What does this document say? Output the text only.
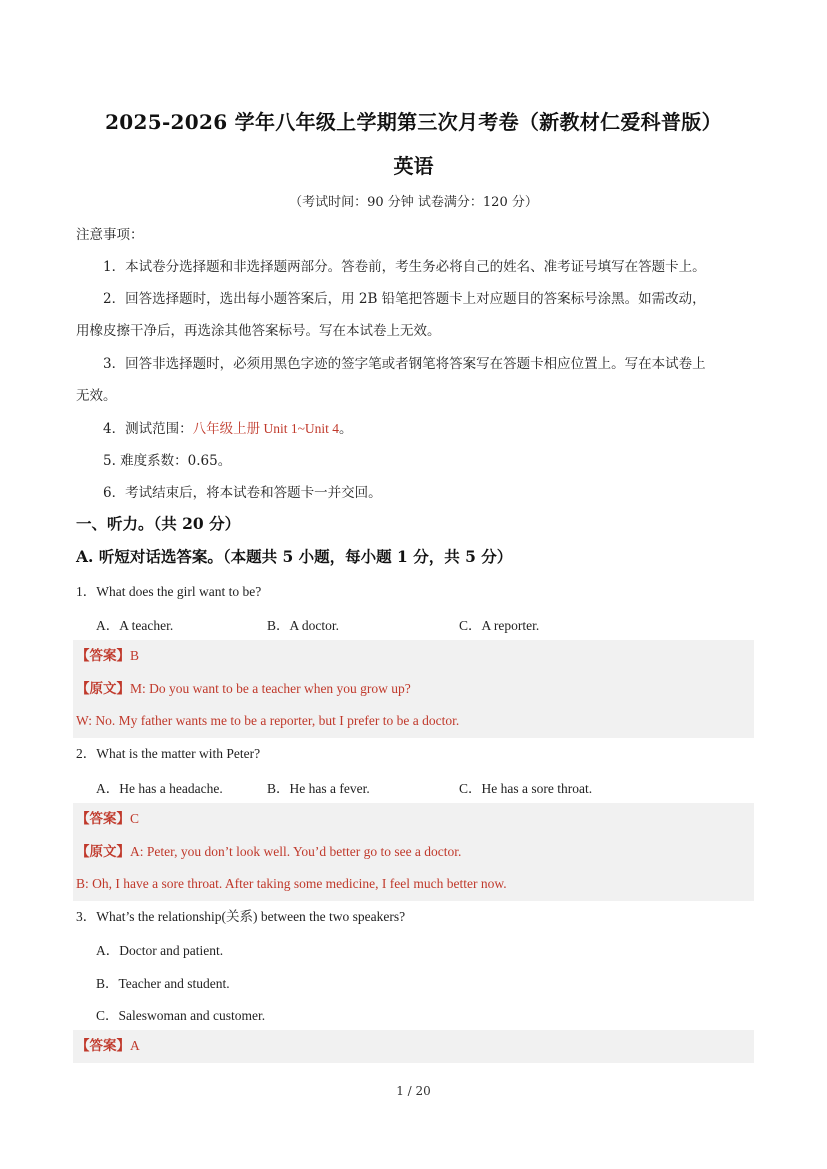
2025-2026 学年八年级上学期第三次月考卷（新教材仁爱科普版）
英语
（考试时间：90 分钟 试卷满分：120 分）
注意事项：
1．本试卷分选择题和非选择题两部分。答卷前，考生务必将自己的姓名、准考证号填写在答题卡上。
2．回答选择题时，选出每小题答案后，用 2B 铅笔把答题卡上对应题目的答案标号涂黑。如需改动，
用橡皮擦干净后，再选涂其他答案标号。写在本试卷上无效。
3．回答非选择题时，必须用黑色字迹的签字笔或者钢笔将答案写在答题卡相应位置上。写在本试卷上
无效。
4．测试范围：八年级上册 Unit 1~Unit 4。
5. 难度系数：0.65。
6．考试结束后，将本试卷和答题卡一并交回。
一、听力。（共 20 分）
A. 听短对话选答案。（本题共 5 小题，每小题 1 分，共 5 分）
1．What does the girl want to be?
A．A teacher.	B．A doctor.	C．A reporter.
【答案】B
【原文】M: Do you want to be a teacher when you grow up?
W: No. My father wants me to be a reporter, but I prefer to be a doctor.
2．What is the matter with Peter?
A．He has a headache.	B．He has a fever.	C．He has a sore throat.
【答案】C
【原文】A: Peter, you don’t look well. You’d better go to see a doctor.
B: Oh, I have a sore throat. After taking some medicine, I feel much better now.
3．What’s the relationship(关系) between the two speakers?
A．Doctor and patient.
B．Teacher and student.
C．Saleswoman and customer.
【答案】A
1 / 20
